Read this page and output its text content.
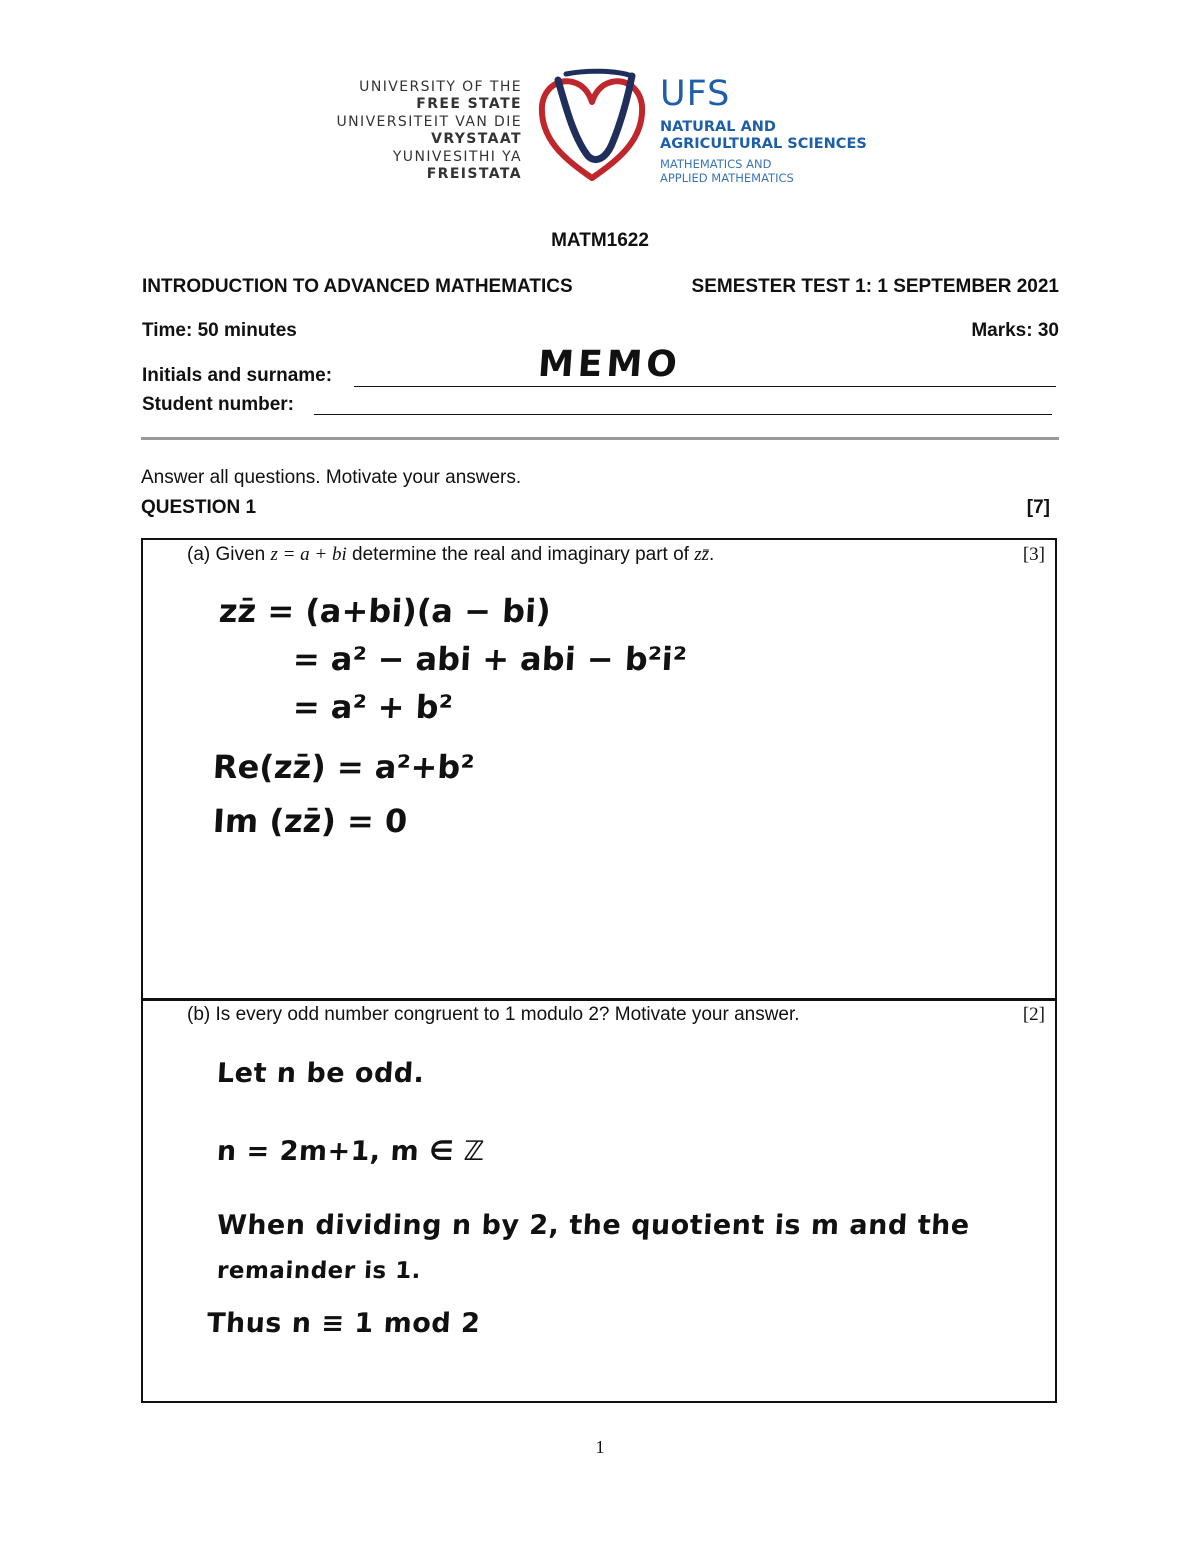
UNIVERSITY OF THE
FREE STATE
UNIVERSITEIT VAN DIE
VRYSTAAT
YUNIVESITHI YA
FREISTATA
UFS
NATURAL AND
AGRICULTURAL SCIENCES
MATHEMATICS AND
APPLIED MATHEMATICS
MATM1622
INTRODUCTION TO ADVANCED MATHEMATICS	SEMESTER TEST 1: 1 SEPTEMBER 2021
Time: 50 minutes	Marks: 30
Initials and surname:	MEMO
Student number:
Answer all questions. Motivate your answers.
QUESTION 1	[7]
(a) Given z = a + bi determine the real and imaginary part of zz̄.	[3]
zz̄ = (a+bi)(a − bi)
= a² − abi + abi − b²i²
= a² + b²
Re(zz̄) = a²+b²
Im (zz̄) = 0
(b) Is every odd number congruent to 1 modulo 2? Motivate your answer.	[2]
Let n be odd.
n = 2m+1, m ∈ ℤ
When dividing n by 2, the quotient is m and the
remainder is 1.
Thus n ≡ 1 mod 2
1
